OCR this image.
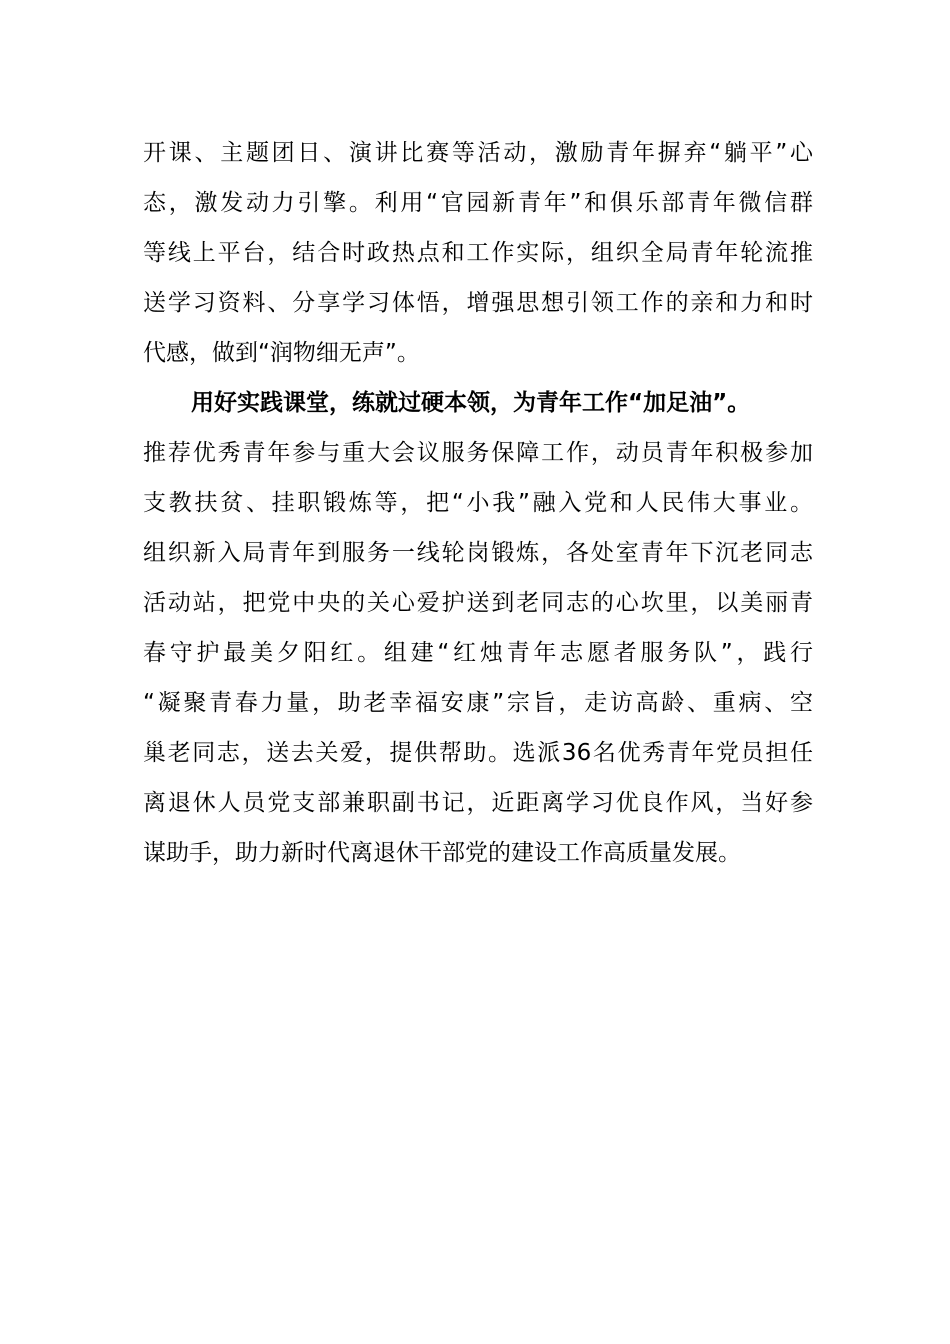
开课、主题团日、演讲比赛等活动，激励青年摒弃“躺平”心
态，激发动力引擎。利用“官园新青年”和俱乐部青年微信群
等线上平台，结合时政热点和工作实际，组织全局青年轮流推
送学习资料、分享学习体悟，增强思想引领工作的亲和力和时
代感，做到“润物细无声”。
用好实践课堂，练就过硬本领，为青年工作“加足油”。
推荐优秀青年参与重大会议服务保障工作，动员青年积极参加
支教扶贫、挂职锻炼等，把“小我”融入党和人民伟大事业。
组织新入局青年到服务一线轮岗锻炼，各处室青年下沉老同志
活动站，把党中央的关心爱护送到老同志的心坎里，以美丽青
春守护最美夕阳红。组建“红烛青年志愿者服务队”，践行
“凝聚青春力量，助老幸福安康”宗旨，走访高龄、重病、空
巢老同志，送去关爱，提供帮助。选派36名优秀青年党员担任
离退休人员党支部兼职副书记，近距离学习优良作风，当好参
谋助手，助力新时代离退休干部党的建设工作高质量发展。
